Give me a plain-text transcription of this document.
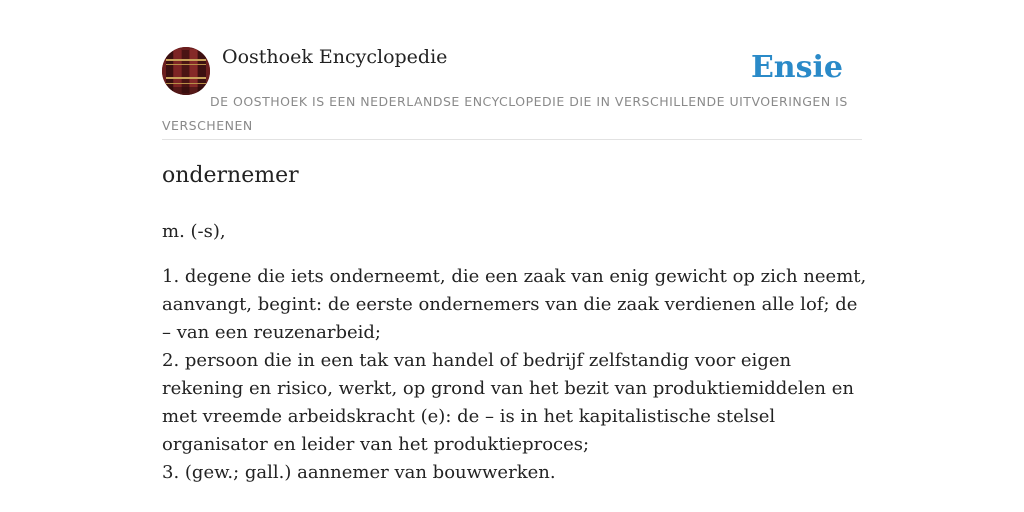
Oosthoek Encyclopedie	Ensie
DE OOSTHOEK IS EEN NEDERLANDSE ENCYCLOPEDIE DIE IN VERSCHILLENDE UITVOERINGEN IS VERSCHENEN
ondernemer

m. (-s),

1. degene die iets onderneemt, die een zaak van enig gewicht op zich neemt, aanvangt, begint: de eerste ondernemers van die zaak verdienen alle lof; de – van een reuzenarbeid;
2. persoon die in een tak van handel of bedrijf zelfstandig voor eigen rekening en risico, werkt, op grond van het bezit van produktiemiddelen en met vreemde arbeidskracht (e): de – is in het kapitalistische stelsel organisator en leider van het produktieproces;
3. (gew.; gall.) aannemer van bouwwerken.
